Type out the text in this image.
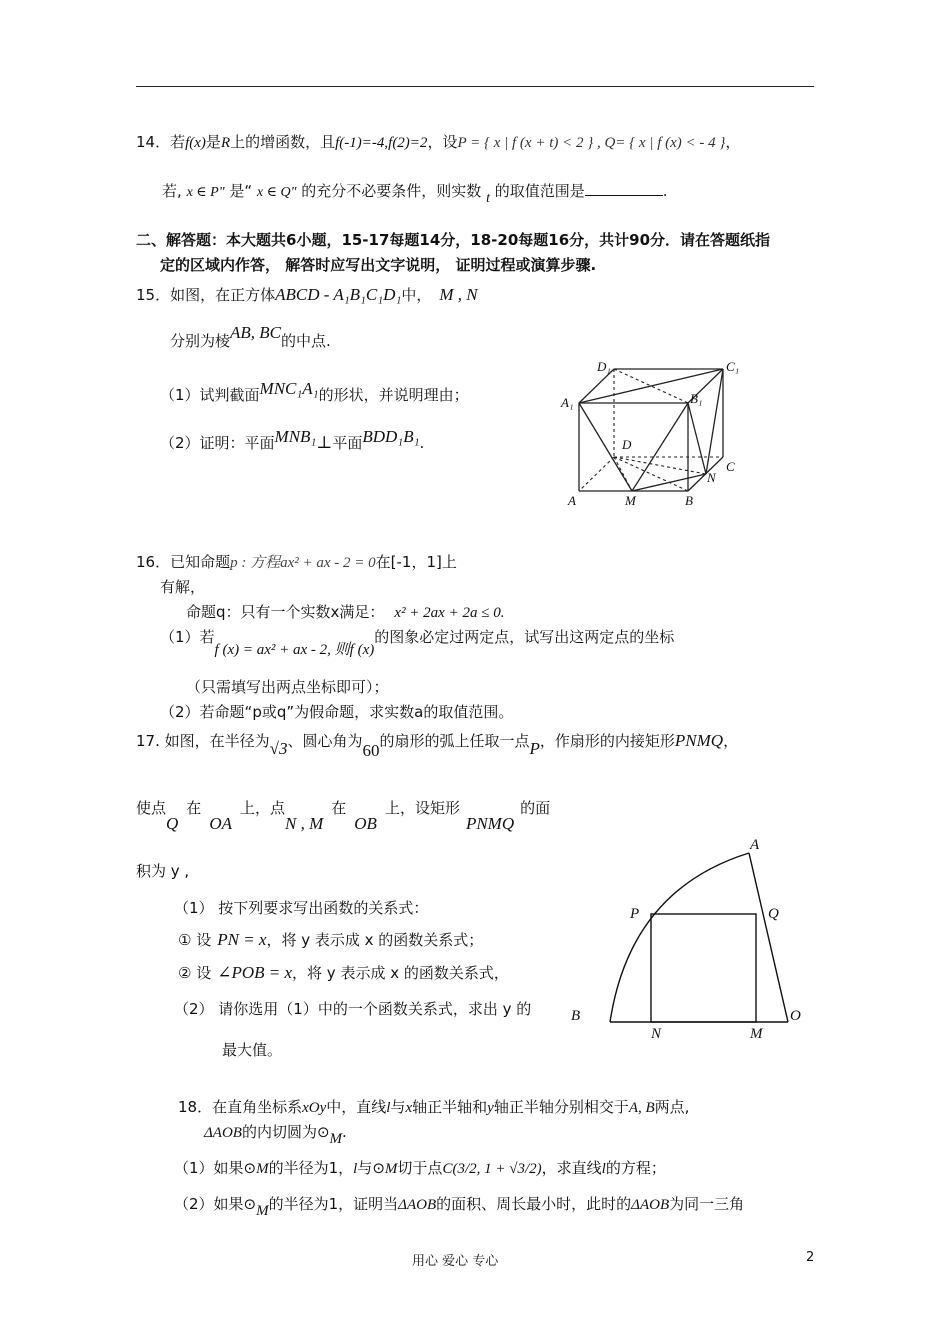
14．若f(x)是R上的增函数，且f(-1)=-4,f(2)=2，设P = { x | f (x + t) < 2 } , Q= { x | f (x) < - 4 }，
若, x ∈ P" 是“ x ∈ Q" 的充分不必要条件，则实数 t 的取值范围是	.
二、解答题：本大题共6小题，15-17每题14分，18-20每题16分，共计90分．请在答题纸指
定的区域内作答， 解答时应写出文字说明， 证明过程或演算步骤.
15．如图，在正方体ABCD - A₁B₁C₁D₁中， M , N
分别为棱AB, BC的中点.
（1）试判截面MNC₁A₁的形状，并说明理由；
（2）证明：平面MNB₁⊥平面BDD₁B₁.
D₁	C₁
A₁	B₁
D
C
N
A	M	B
16．已知命题p : 方程ax² + ax - 2 = 0在[-1，1]上
有解，
命题q：只有一个实数x满足： x² + 2ax + 2a ≤ 0.
（1）若f (x) = ax² + ax - 2, 则f (x)的图象必定过两定点，试写出这两定点的坐标
（只需填写出两点坐标即可）；
（2）若命题“p或q”为假命题，求实数a的取值范围。
17. 如图，在半径为√3、圆心角为60的扇形的弧上任取一点P，作扇形的内接矩形PNMQ，
使点Q在OA上，点N , M在OB上，设矩形PNMQ的面
积为 y ,
（1） 按下列要求写出函数的关系式：
① 设 PN = x，将 y 表示成 x 的函数关系式；
② 设 ∠POB = x，将 y 表示成 x 的函数关系式，
（2） 请你选用（1）中的一个函数关系式，求出 y 的
最大值。
A
P	Q
B	O
N	M
18．在直角坐标系xOy中，直线l与x轴正半轴和y轴正半轴分别相交于A, B两点,
ΔAOB的内切圆为⊙M.
（1）如果⊙M的半径为1，l与⊙M切于点C(3/2, 1 + √3/2)，求直线l的方程；
（2）如果⊙M的半径为1，证明当ΔAOB的面积、周长最小时，此时的ΔAOB为同一三角
用心 爱心 专心	2
